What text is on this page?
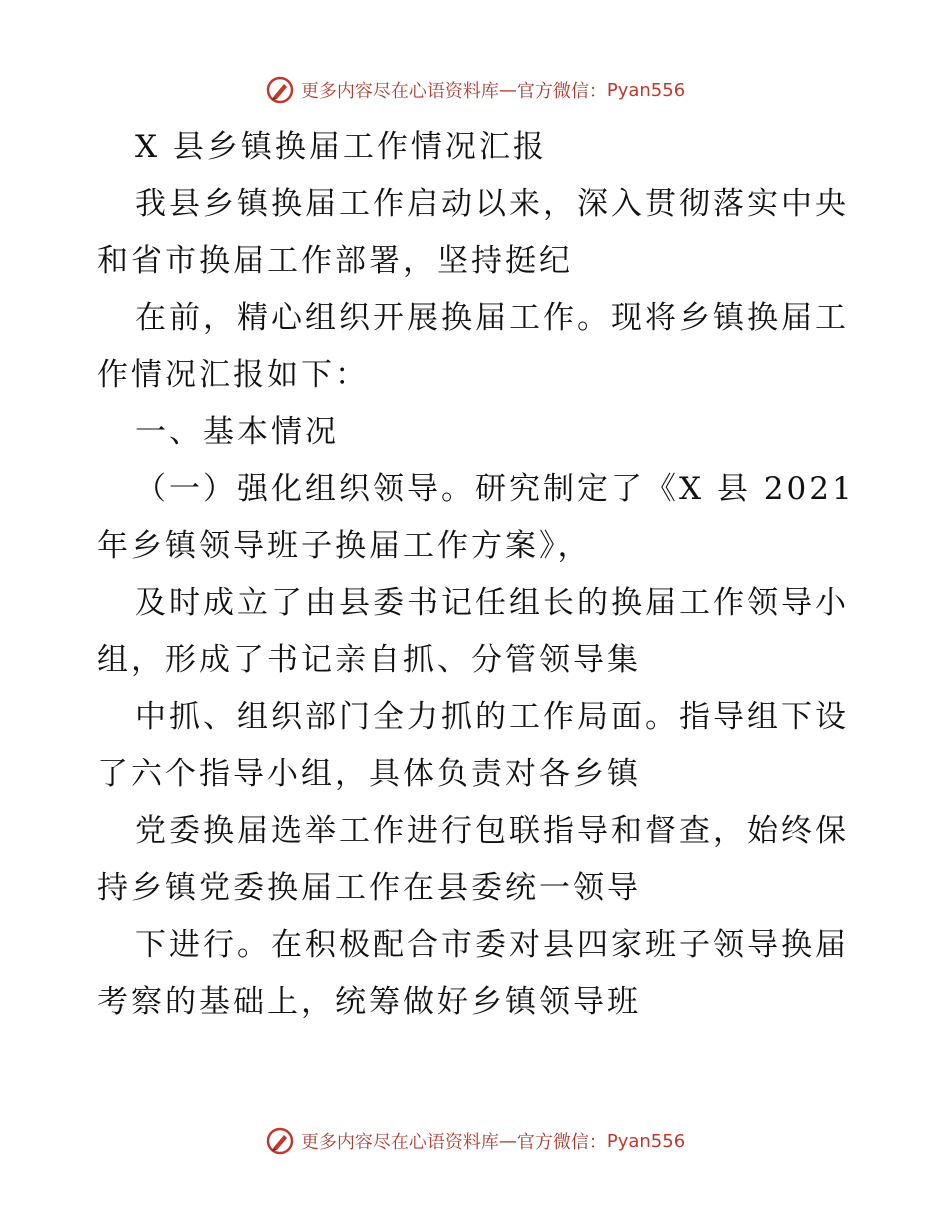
更多内容尽在心语资料库 — 官方微信： Pyan556
X 县乡镇换届工作情况汇报
我县乡镇换届工作启动以来，深入贯彻落实中央
和省市换届工作部署，坚持挺纪
在前，精心组织开展换届工作。现将乡镇换届工
作情况汇报如下：
一、基本情况
（一）强化组织领导。研究制定了《X 县 2021
年乡镇领导班子换届工作方案》，
及时成立了由县委书记任组长的换届工作领导小
组，形成了书记亲自抓、分管领导集
中抓、组织部门全力抓的工作局面。指导组下设
了六个指导小组，具体负责对各乡镇
党委换届选举工作进行包联指导和督查，始终保
持乡镇党委换届工作在县委统一领导
下进行。在积极配合市委对县四家班子领导换届
考察的基础上，统筹做好乡镇领导班
更多内容尽在心语资料库 — 官方微信： Pyan556
